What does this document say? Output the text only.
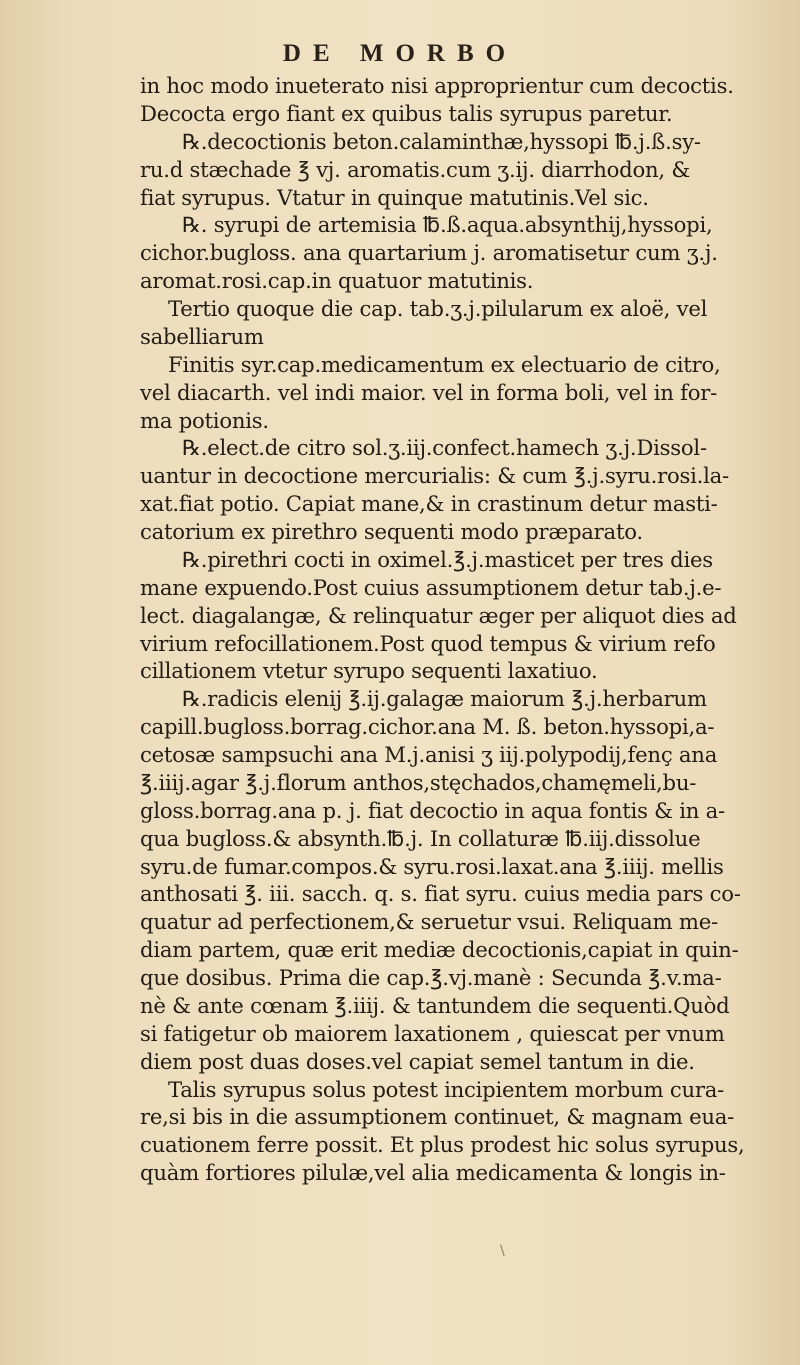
DE MORBO
in hoc modo inueterato nisi approprientur cum decoctis.
Decocta ergo fiant ex quibus talis syrupus paretur.
℞.decoctionis beton.calaminthæ,hyssopi ℔.j.ß.sy-
ru.d stæchade ℥ vj. aromatis.cum ʒ.ij. diarrhodon, &
fiat syrupus. Vtatur in quinque matutinis.Vel sic.
℞. syrupi de artemisia ℔.ß.aqua.absynthij,hyssopi,
cichor.bugloss. ana quartarium j. aromatisetur cum ʒ.j.
aromat.rosi.cap.in quatuor matutinis.
Tertio quoque die cap. tab.ʒ.j.pilularum ex aloë, vel
sabelliarum
Finitis syr.cap.medicamentum ex electuario de citro,
vel diacarth. vel indi maior. vel in forma boli, vel in for-
ma potionis.
℞.elect.de citro sol.ʒ.iij.confect.hamech ʒ.j.Dissol-
uantur in decoctione mercurialis: & cum ℥.j.syru.rosi.la-
xat.fiat potio. Capiat mane,& in crastinum detur masti-
catorium ex pirethro sequenti modo præparato.
℞.pirethri cocti in oximel.℥.j.masticet per tres dies
mane expuendo.Post cuius assumptionem detur tab.j.e-
lect. diagalangæ, & relinquatur æger per aliquot dies ad
virium refocillationem.Post quod tempus & virium refo
cillationem vtetur syrupo sequenti laxatiuo.
℞.radicis elenij ℥.ij.galagæ maiorum ℥.j.herbarum
capill.bugloss.borrag.cichor.ana M. ß. beton.hyssopi,a-
cetosæ sampsuchi ana M.j.anisi ʒ iij.polypodij,fenç ana
℥.iiij.agar ℥.j.florum anthos,stęchados,chamęmeli,bu-
gloss.borrag.ana p. j. fiat decoctio in aqua fontis & in a-
qua bugloss.& absynth.℔.j. In collaturæ ℔.iij.dissolue
syru.de fumar.compos.& syru.rosi.laxat.ana ℥.iiij. mellis
anthosati ℥. iii. sacch. q. s. fiat syru. cuius media pars co-
quatur ad perfectionem,& seruetur vsui. Reliquam me-
diam partem, quæ erit mediæ decoctionis,capiat in quin-
que dosibus. Prima die cap.℥.vj.manè : Secunda ℥.v.ma-
nè & ante cœnam ℥.iiij. & tantundem die sequenti.Quòd
si fatigetur ob maiorem laxationem , quiescat per vnum
diem post duas doses.vel capiat semel tantum in die.
Talis syrupus solus potest incipientem morbum cura-
re,si bis in die assumptionem continuet, & magnam eua-
cuationem ferre possit. Et plus prodest hic solus syrupus,
quàm fortiores pilulæ,vel alia medicamenta & longis in-
\
